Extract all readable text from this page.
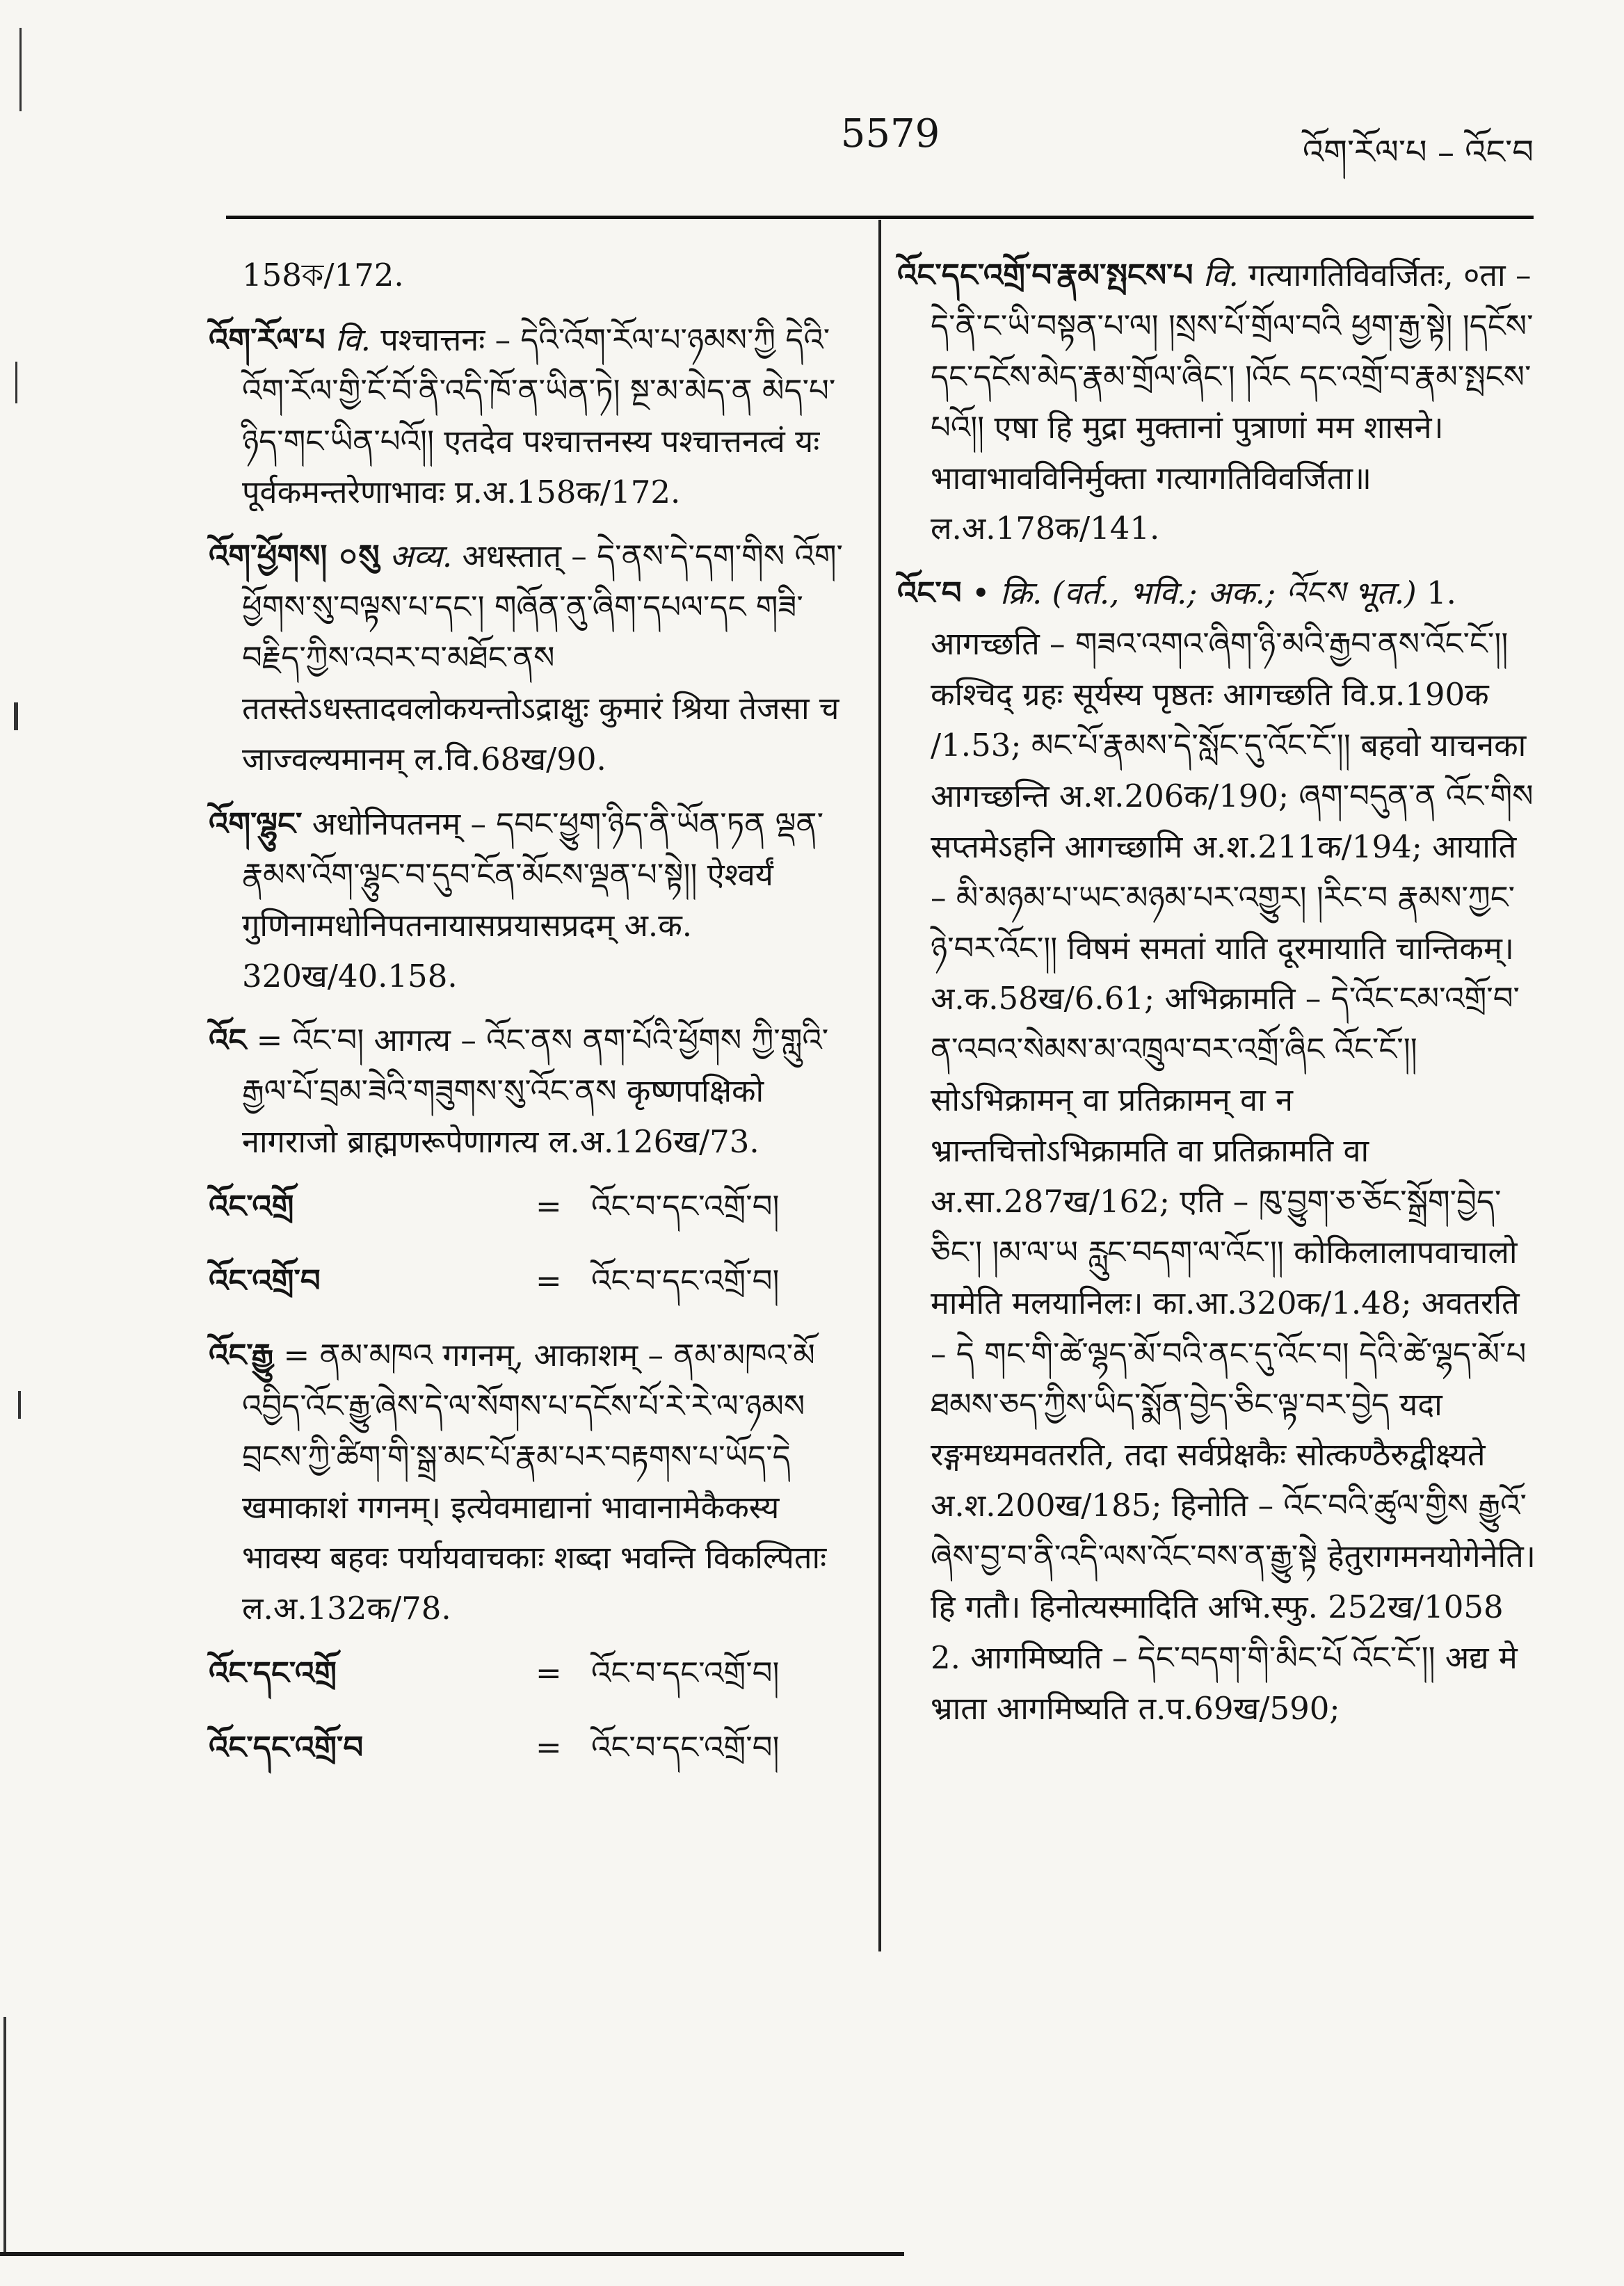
5579	འོག་རོལ་པ – འོང་བ
158ক/172.
འོག་རོལ་པ वि. पश्चात्तनः – དེའི་འོག་རོལ་པ་ཉམས་ཀྱི དེའི་འོག་རོལ་གྱི་ངོ་བོ་ནི་འདི་ཁོ་ན་ཡིན་ཏེ། སྔ་མ་མེད་ན མེད་པ་ཉིད་གང་ཡིན་པའོ།། एतदेव पश्चात्तनस्य पश्चात्तनत्वं यः पूर्वकमन्तरेणाभावः प्र.अ.158क/172.
འོག་ཕྱོགས། ০སུ अव्य. अधस्तात् – དེ་ནས་དེ་དག་གིས འོག་ཕྱོགས་སུ་བལྟས་པ་དང་། གཞོན་ནུ་ཞིག་དཔལ་དང གཟི་བརྗིད་ཀྱིས་འབར་བ་མཐོང་ནས ततस्तेऽधस्तादवलोकयन्तोऽद्राक्षुः कुमारं श्रिया तेजसा च जाज्वल्यमानम् ल.वि.68ख/90.
འོག་ལྷུང་ अधोनिपतनम् – དབང་ཕྱུག་ཉིད་ནི་ཡོན་ཏན ལྡན་རྣམས་འོག་ལྷུང་བ་དུབ་ངོན་མོངས་ལྡན་པ་སྟེ།། ऐश्वर्यं गुणिनामधोनिपतनायासप्रयासप्रदम् अ.क. 320ख/40.158.
འོང = འོང་བ། आगत्य – འོང་ནས ནག་པོའི་ཕྱོགས ཀྱི་གླུའི་རྒྱལ་པོ་བྲམ་ཟེའི་གཟུགས་སུ་འོང་ནས कृष्णपक्षिको नागराजो ब्राह्मणरूपेणागत्य ल.अ.126ख/73.
འོང་འགྲོ	= འོང་བ་དང་འགྲོ་བ།
འོང་འགྲོ་བ	= འོང་བ་དང་འགྲོ་བ།
འོང་རྒྱུ = ནམ་མཁའ गगनम्, आकाशम् – ནམ་མཁའ་མོ འབྱིད་འོང་རྒྱུ་ཞེས་དེ་ལ་སོགས་པ་དངོས་པོ་རེ་རེ་ལ་ཉམས བྲངས་ཀྱི་ཚིག་གི་སྒྲ་མང་པོ་རྣམ་པར་བརྟགས་པ་ཡོད་དེ खमाकाशं गगनम्। इत्येवमाद्यानां भावानामेकैकस्य भावस्य बहवः पर्यायवाचकाः शब्दा भवन्ति विकल्पिताः ल.अ.132क/78.
འོང་དང་འགྲོ	= འོང་བ་དང་འགྲོ་བ།
འོང་དང་འགྲོ་བ	= འོང་བ་དང་འགྲོ་བ།
འོང་དང་འགྲོ་བ་རྣམ་སྤངས་པ वि. गत्यागतिविवर्जितः, ०ता – དེ་ནི་ང་ཡི་བསྟན་པ་ལ། །སྲས་པོ་གྲོལ་བའི ཕྱག་རྒྱ་སྟེ། །དངོས་དང་དངོས་མེད་རྣམ་གྲོལ་ཞིང་། །འོང དང་འགྲོ་བ་རྣམ་སྤངས་པའོ།། एषा हि मुद्रा मुक्तानां पुत्राणां मम शासने। भावाभावविनिर्मुक्ता गत्यागतिविवर्जिता॥ ल.अ.178क/141.
འོང་བ • क्रि. (वर्त., भवि.; अक.; འོངས भूत.) 1. आगच्छति – གཟའ་འགའ་ཞིག་ཉི་མའི་རྒྱབ་ནས་འོང་ངོ་།། कश्चिद् ग्रहः सूर्यस्य पृष्ठतः आगच्छति वि.प्र.190क /1.53; མང་པོ་རྣམས་དེ་སློང་དུ་འོང་ངོ་།། बहवो याचनका आगच्छन्ति अ.श.206क/190; ཞག་བདུན་ན འོང་གིས सप्तमेऽहनि आगच्छामि अ.श.211क/194; आयाति – མི་མཉམ་པ་ཡང་མཉམ་པར་འགྱུར། །རིང་བ རྣམས་ཀྱང་ཉེ་བར་འོང་།། विषमं समतां याति दूरमायाति चान्तिकम्। अ.क.58ख/6.61; अभिक्रामति – དེ་འོང་ངམ་འགྲོ་བ་ན་འབའ་སེམས་མ་འཁྲུལ་བར་འགྲོ་ཞིང འོང་ངོ་།། सोऽभिक्रामन् वा प्रतिक्रामन् वा न भ्रान्तचित्तोऽभिक्रामति वा प्रतिक्रामति वा अ.सा.287ख/162; एति – ཁུ་བྱུག་ཅ་ཅོང་སྒྲོག་བྱེད་ཅིང་། །མ་ལ་ཡ རླུང་བདག་ལ་འོང་།། कोकिलालापवाचालो मामेति मलयानिलः। का.आ.320क/1.48; अवतरति – དེ གང་གི་ཚེ་ལྷད་མོ་བའི་ནང་དུ་འོང་བ། དེའི་ཚེ་ལྷད་མོ་པ ཐམས་ཅད་ཀྱིས་ཡིད་སྨོན་བྱེད་ཅིང་ལྟ་བར་བྱེད यदा रङ्गमध्यमवतरति, तदा सर्वप्रेक्षकैः सोत्कण्ठैरुद्वीक्ष्यते अ.श.200ख/185; हिनोति – འོང་བའི་ཚུལ་གྱིས རྒྱུའོ་ཞེས་བྱ་བ་ནི་འདི་ལས་འོང་བས་ན་རྒྱུ་སྟེ हेतुरागमनयोगेनेति। हि गतौ। हिनोत्यस्मादिति अभि.स्फु. 252ख/1058 2. आगमिष्यति – དེང་བདག་གི་མིང་པོ འོང་ངོ་།། अद्य मे भ्राता आगमिष्यति त.प.69ख/590;
